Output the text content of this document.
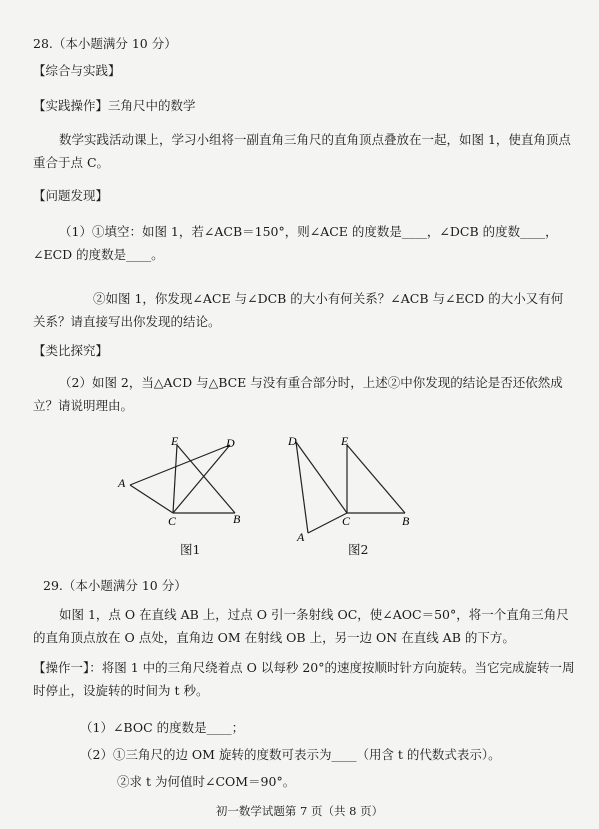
28.（本小题满分 10 分）
【综合与实践】
【实践操作】三角尺中的数学
数学实践活动课上，学习小组将一副直角三角尺的直角顶点叠放在一起，如图 1，使直角顶点重合于点 C。
【问题发现】
（1）①填空：如图 1，若∠ACB＝150°，则∠ACE 的度数是____，∠DCB 的度数____，∠ECD 的度数是____。
②如图 1，你发现∠ACE 与∠DCB 的大小有何关系？∠ACB 与∠ECD 的大小又有何关系？请直接写出你发现的结论。
【类比探究】
（2）如图 2，当△ACD 与△BCE 与没有重合部分时，上述②中你发现的结论是否还依然成立？请说明理由。
A
B
C
D
E
图1
D	E
C	B
A
图2
29.（本小题满分 10 分）
如图 1，点 O 在直线 AB 上，过点 O 引一条射线 OC，使∠AOC＝50°，将一个直角三角尺的直角顶点放在 O 点处，直角边 OM 在射线 OB 上，另一边 ON 在直线 AB 的下方。
【操作一】：将图 1 中的三角尺绕着点 O 以每秒 20°的速度按顺时针方向旋转。当它完成旋转一周时停止，设旋转的时间为 t 秒。
（1）∠BOC 的度数是____；
（2）①三角尺的边 OM 旋转的度数可表示为____（用含 t 的代数式表示）。
②求 t 为何值时∠COM＝90°。
初一数学试题第 7 页（共 8 页）
